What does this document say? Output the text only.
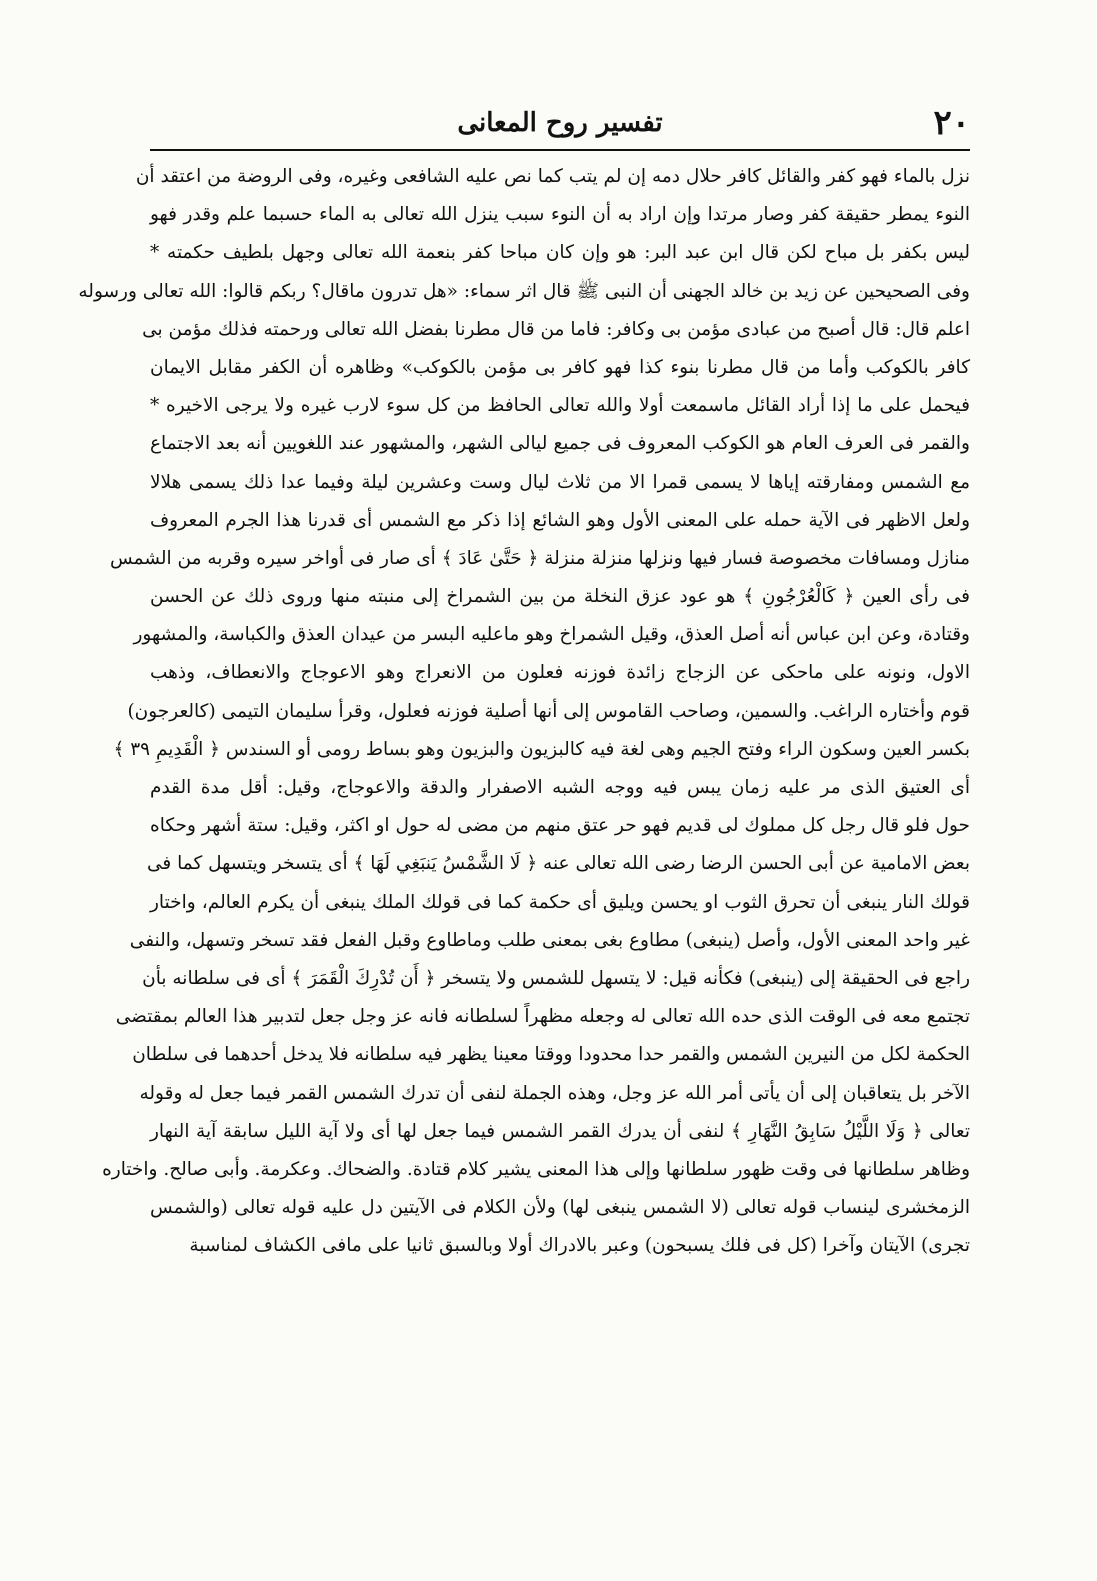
٢٠
تفسير روح المعانى
نزل بالماء فهو كفر والقائل كافر حلال دمه إن لم يتب كما نص عليه الشافعى وغيره، وفى الروضة من اعتقد أن
النوء يمطر حقيقة كفر وصار مرتدا وإن اراد به أن النوء سبب ينزل الله تعالى به الماء حسبما علم وقدر فهو
ليس بكفر بل مباح لكن قال ابن عبد البر: هو وإن كان مباحا كفر بنعمة الله تعالى وجهل بلطيف حكمته *
وفى الصحيحين عن زيد بن خالد الجهنى أن النبى ﷺ قال اثر سماء: «هل تدرون ماقال؟ ربكم قالوا: الله تعالى ورسوله
اعلم قال: قال أصبح من عبادى مؤمن بى وكافر: فاما من قال مطرنا بفضل الله تعالى ورحمته فذلك مؤمن بى
كافر بالكوكب وأما من قال مطرنا بنوء كذا فهو كافر بى مؤمن بالكوكب» وظاهره أن الكفر مقابل الايمان
فيحمل على ما إذا أراد القائل ماسمعت أولا والله تعالى الحافظ من كل سوء لارب غيره ولا يرجى الاخيره *
والقمر فى العرف العام هو الكوكب المعروف فى جميع ليالى الشهر، والمشهور عند اللغويين أنه بعد الاجتماع
مع الشمس ومفارقته إياها لا يسمى قمرا الا من ثلاث ليال وست وعشرين ليلة وفيما عدا ذلك يسمى هلالا
ولعل الاظهر فى الآية حمله على المعنى الأول وهو الشائع إذا ذكر مع الشمس أى قدرنا هذا الجرم المعروف
منازل ومسافات مخصوصة فسار فيها ونزلها منزلة منزلة ﴿ حَتَّىٰ عَادَ ﴾ أى صار فى أواخر سيره وقربه من الشمس
فى رأى العين ﴿ كَالْعُرْجُونِ ﴾ هو عود عزق النخلة من بين الشمراخ إلى منبته منها وروى ذلك عن الحسن
وقتادة، وعن ابن عباس أنه أصل العذق، وقيل الشمراخ وهو ماعليه البسر من عيدان العذق والكباسة، والمشهور
الاول، ونونه على ماحكى عن الزجاج زائدة فوزنه فعلون من الانعراج وهو الاعوجاج والانعطاف، وذهب
قوم وأختاره الراغب. والسمين، وصاحب القاموس إلى أنها أصلية فوزنه فعلول، وقرأ سليمان التيمى (كالعرجون)
بكسر العين وسكون الراء وفتح الجيم وهى لغة فيه كالبزيون والبزيون وهو بساط رومى أو السندس ﴿ الْقَدِيمِ ٣٩ ﴾
أى العتيق الذى مر عليه زمان يبس فيه ووجه الشبه الاصفرار والدقة والاعوجاج، وقيل: أقل مدة القدم
حول فلو قال رجل كل مملوك لى قديم فهو حر عتق منهم من مضى له حول او اكثر، وقيل: ستة أشهر وحكاه
بعض الامامية عن أبى الحسن الرضا رضى الله تعالى عنه ﴿ لَا الشَّمْسُ يَنبَغِي لَهَا ﴾ أى يتسخر ويتسهل كما فى
قولك النار ينبغى أن تحرق الثوب او يحسن ويليق أى حكمة كما فى قولك الملك ينبغى أن يكرم العالم، واختار
غير واحد المعنى الأول، وأصل (ينبغى) مطاوع بغى بمعنى طلب وماطاوع وقبل الفعل فقد تسخر وتسهل، والنفى
راجع فى الحقيقة إلى (ينبغى) فكأنه قيل: لا يتسهل للشمس ولا يتسخر ﴿ أَن تُدْرِكَ الْقَمَرَ ﴾ أى فى سلطانه بأن
تجتمع معه فى الوقت الذى حده الله تعالى له وجعله مظهراً لسلطانه فانه عز وجل جعل لتدبير هذا العالم بمقتضى
الحكمة لكل من النيرين الشمس والقمر حدا محدودا ووقتا معينا يظهر فيه سلطانه فلا يدخل أحدهما فى سلطان
الآخر بل يتعاقبان إلى أن يأتى أمر الله عز وجل، وهذه الجملة لنفى أن تدرك الشمس القمر فيما جعل له وقوله
تعالى ﴿ وَلَا اللَّيْلُ سَابِقُ النَّهَارِ ﴾ لنفى أن يدرك القمر الشمس فيما جعل لها أى ولا آية الليل سابقة آية النهار
وظاهر سلطانها فى وقت ظهور سلطانها وإلى هذا المعنى يشير كلام قتادة. والضحاك. وعكرمة. وأبى صالح. واختاره
الزمخشرى لينساب قوله تعالى (لا الشمس ينبغى لها) ولأن الكلام فى الآيتين دل عليه قوله تعالى (والشمس
تجرى) الآيتان وآخرا (كل فى فلك يسبحون) وعبر بالادراك أولا وبالسبق ثانيا على مافى الكشاف لمناسبة
